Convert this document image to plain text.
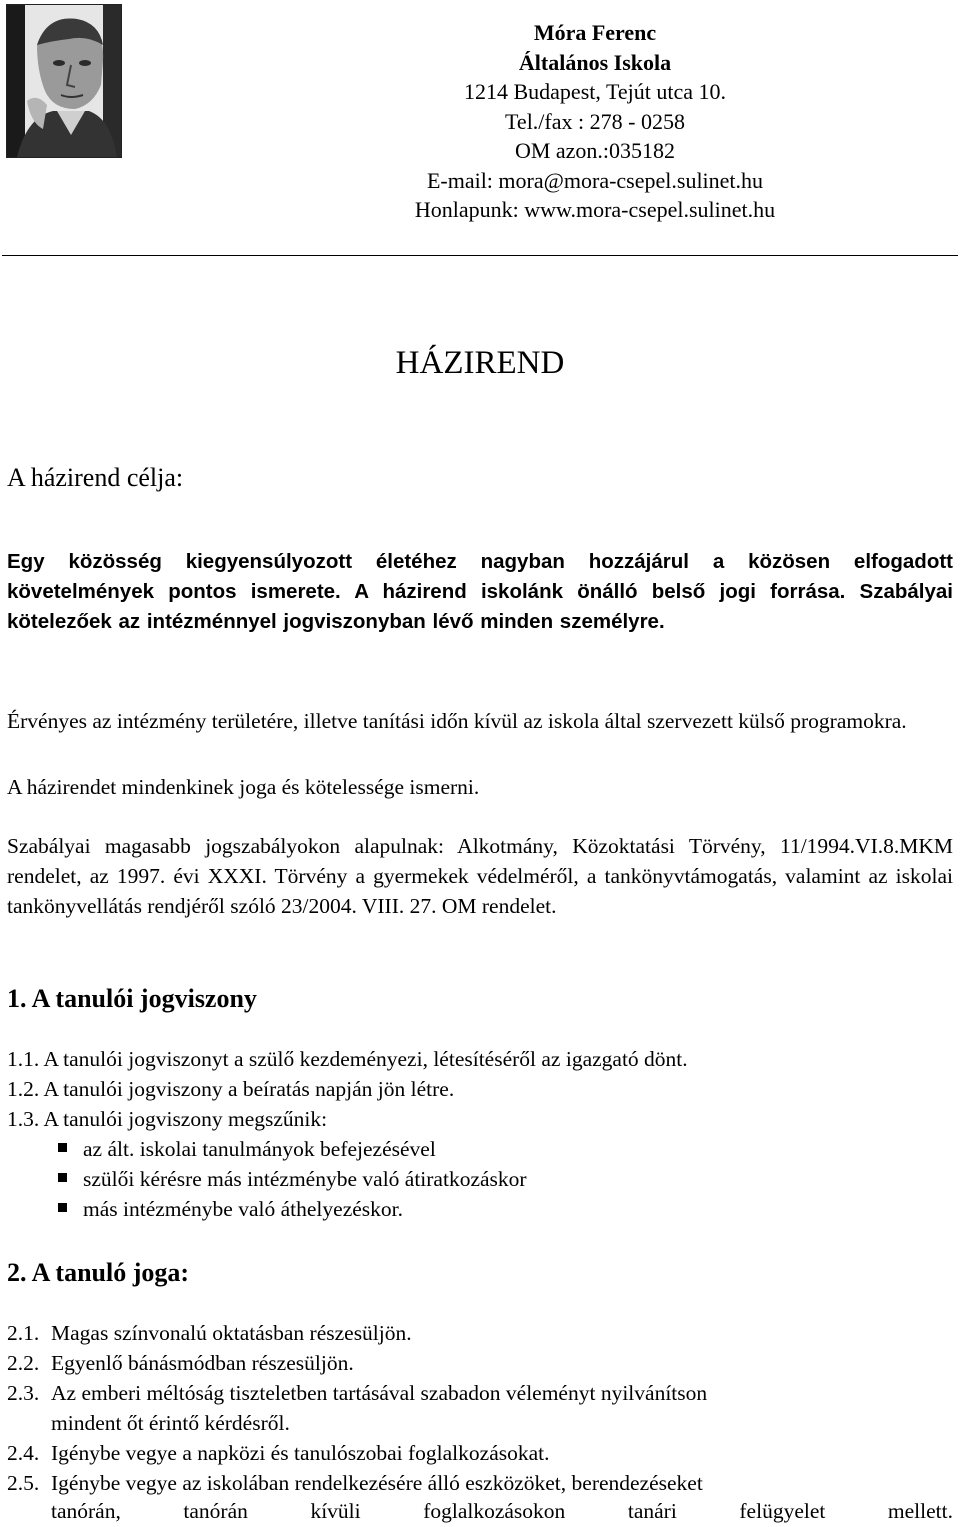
Móra Ferenc
Általános Iskola
1214 Budapest, Tejút utca 10.
Tel./fax : 278 - 0258
OM azon.:035182
E-mail: mora@mora-csepel.sulinet.hu
Honlapunk: www.mora-csepel.sulinet.hu
HÁZIREND
A házirend célja:
Egy közösség kiegyensúlyozott életéhez nagyban hozzájárul a közösen elfogadott követelmények pontos ismerete. A házirend iskolánk önálló belső jogi forrása. Szabályai kötelezőek az intézménnyel jogviszonyban lévő minden személyre.
Érvényes az intézmény területére, illetve tanítási időn kívül az iskola által szervezett külső programokra.
A házirendet mindenkinek joga és kötelessége ismerni.
Szabályai magasabb jogszabályokon alapulnak: Alkotmány, Közoktatási Törvény, 11/1994.VI.8.MKM rendelet, az 1997. évi XXXI. Törvény a gyermekek védelméről, a tankönyvtámogatás, valamint az iskolai tankönyvellátás rendjéről szóló 23/2004. VIII. 27. OM rendelet.
1. A tanulói jogviszony
1.1. A tanulói jogviszonyt a szülő kezdeményezi, létesítéséről az igazgató dönt.
1.2. A tanulói jogviszony a beíratás napján jön létre.
1.3. A tanulói jogviszony megszűnik:
az ált. iskolai tanulmányok befejezésével
szülői kérésre más intézménybe való átiratkozáskor
más intézménybe való áthelyezéskor.
2. A tanuló joga:
2.1. Magas színvonalú oktatásban részesüljön.
2.2. Egyenlő bánásmódban részesüljön.
2.3. Az emberi méltóság tiszteletben tartásával szabadon véleményt nyilvánítson
mindent őt érintő kérdésről.
2.4. Igénybe vegye a napközi és tanulószobai foglalkozásokat.
2.5. Igénybe vegye az iskolában rendelkezésére álló eszközöket, berendezéseket
tanórán, tanórán kívüli foglalkozásokon tanári felügyelet mellett.
